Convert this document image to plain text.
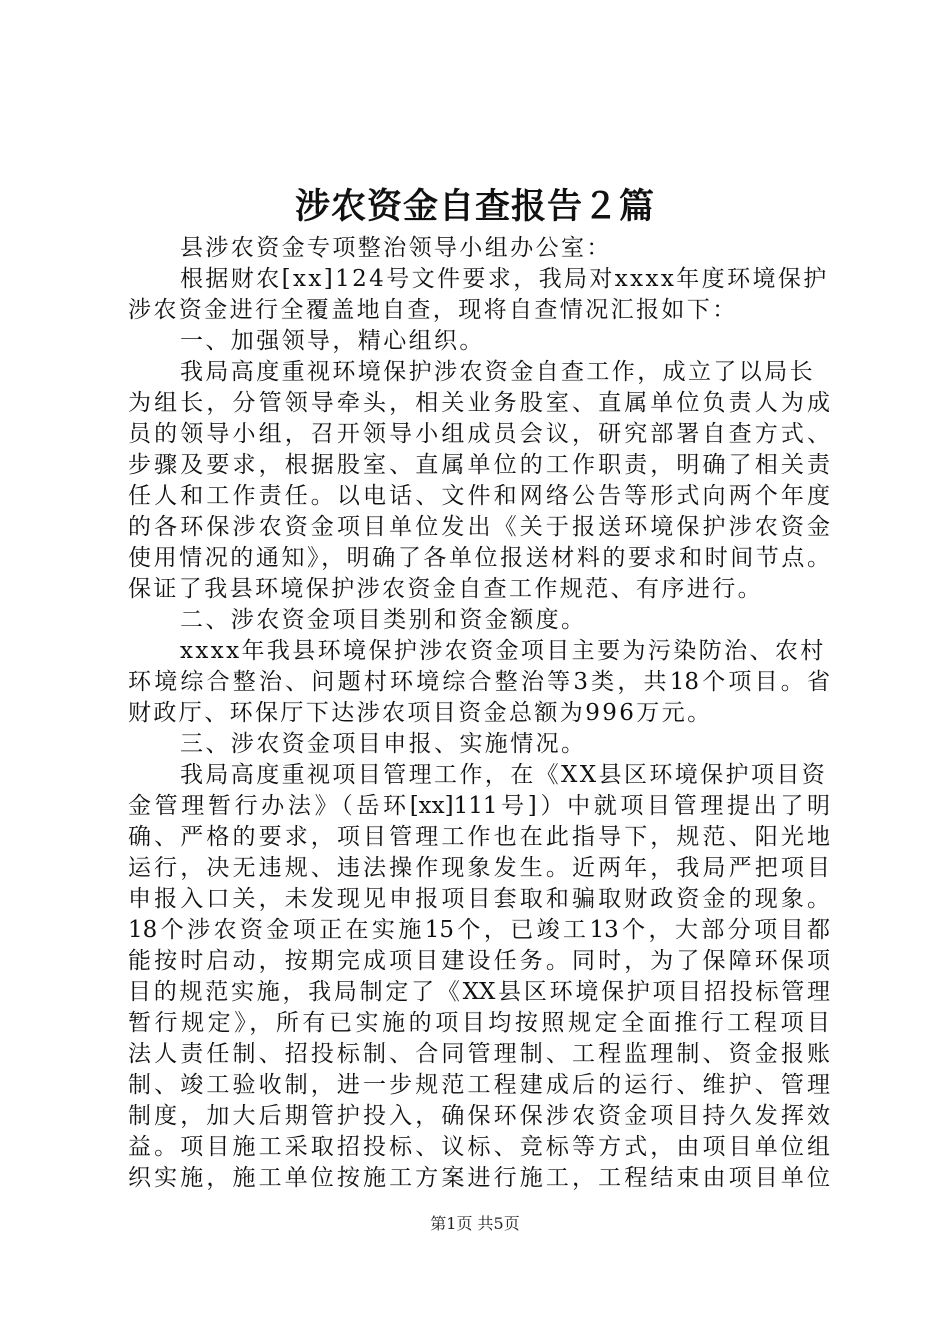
涉农资金自查报告２篇
县涉农资金专项整治领导小组办公室：
根据财农[xx]124号文件要求，我局对xxxx年度环境保护
涉农资金进行全覆盖地自查，现将自查情况汇报如下：
一、加强领导，精心组织。
我局高度重视环境保护涉农资金自查工作，成立了以局长
为组长，分管领导牵头，相关业务股室、直属单位负责人为成
员的领导小组，召开领导小组成员会议，研究部署自查方式、
步骤及要求，根据股室、直属单位的工作职责，明确了相关责
任人和工作责任。以电话、文件和网络公告等形式向两个年度
的各环保涉农资金项目单位发出《关于报送环境保护涉农资金
使用情况的通知》，明确了各单位报送材料的要求和时间节点。
保证了我县环境保护涉农资金自查工作规范、有序进行。
二、涉农资金项目类别和资金额度。
xxxx年我县环境保护涉农资金项目主要为污染防治、农村
环境综合整治、问题村环境综合整治等3类，共18个项目。省
财政厅、环保厅下达涉农项目资金总额为996万元。
三、涉农资金项目申报、实施情况。
我局高度重视项目管理工作，在《XX县区环境保护项目资
金管理暂行办法》（岳环[xx]111号]）中就项目管理提出了明
确、严格的要求，项目管理工作也在此指导下，规范、阳光地
运行，决无违规、违法操作现象发生。近两年，我局严把项目
申报入口关，未发现见申报项目套取和骗取财政资金的现象。
18个涉农资金项正在实施15个，已竣工13个，大部分项目都
能按时启动，按期完成项目建设任务。同时，为了保障环保项
目的规范实施，我局制定了《XX县区环境保护项目招投标管理
暂行规定》，所有已实施的项目均按照规定全面推行工程项目
法人责任制、招投标制、合同管理制、工程监理制、资金报账
制、竣工验收制，进一步规范工程建成后的运行、维护、管理
制度，加大后期管护投入，确保环保涉农资金项目持久发挥效
益。项目施工采取招投标、议标、竞标等方式，由项目单位组
织实施，施工单位按施工方案进行施工，工程结束由项目单位
第1页 共5页
